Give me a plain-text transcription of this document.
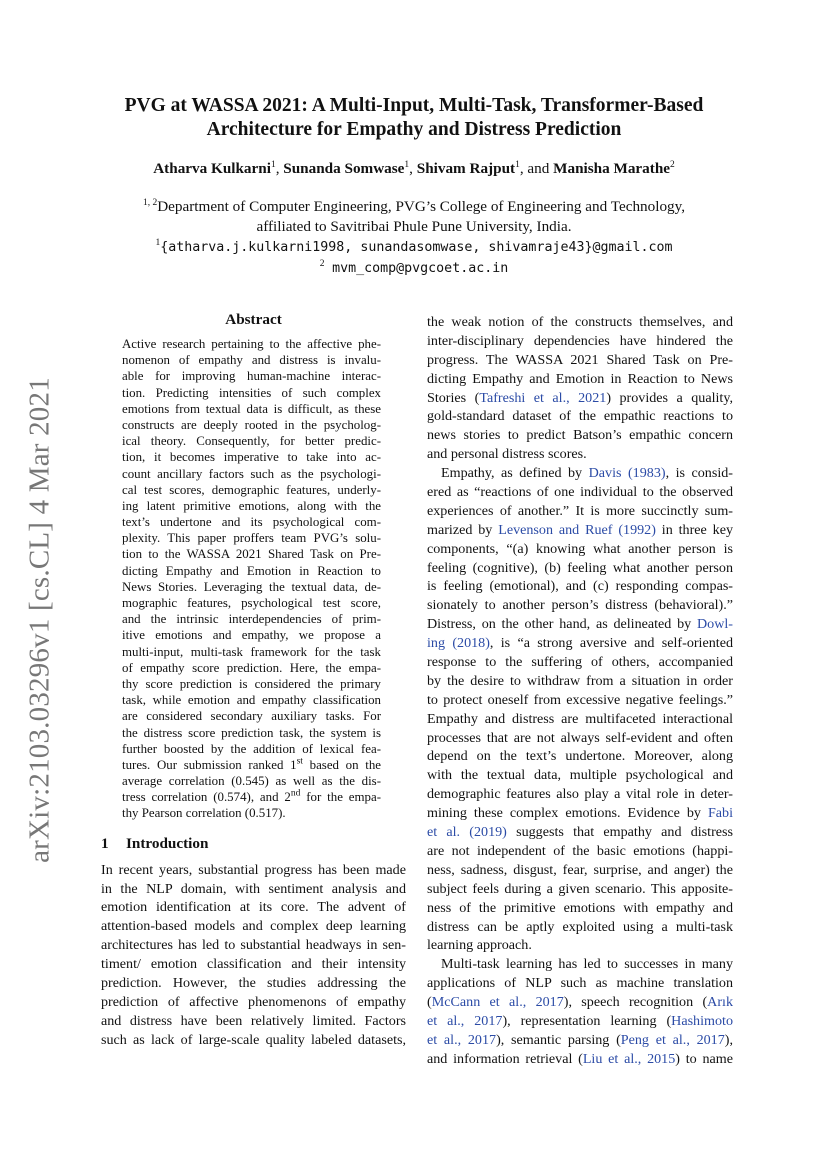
arXiv:2103.03296v1 [cs.CL] 4 Mar 2021
PVG at WASSA 2021: A Multi-Input, Multi-Task, Transformer-Based
Architecture for Empathy and Distress Prediction
Atharva Kulkarni$^1$, Sunanda Somwase$^1$, Shivam Rajput$^1$, and Manisha Marathe$^2$
$^{1, 2}$Department of Computer Engineering, PVG’s College of Engineering and Technology,
affiliated to Savitribai Phule Pune University, India.
$^1${atharva.j.kulkarni1998, sunandasomwase, shivamraje43}@gmail.com
$^2$ mvm_comp@pvgcoet.ac.in
Abstract
Active research pertaining to the affective phe-
nomenon of empathy and distress is invalu-
able for improving human-machine interac-
tion. Predicting intensities of such complex
emotions from textual data is difficult, as these
constructs are deeply rooted in the psycholog-
ical theory. Consequently, for better predic-
tion, it becomes imperative to take into ac-
count ancillary factors such as the psychologi-
cal test scores, demographic features, underly-
ing latent primitive emotions, along with the
text’s undertone and its psychological com-
plexity. This paper proffers team PVG’s solu-
tion to the WASSA 2021 Shared Task on Pre-
dicting Empathy and Emotion in Reaction to
News Stories. Leveraging the textual data, de-
mographic features, psychological test score,
and the intrinsic interdependencies of prim-
itive emotions and empathy, we propose a
multi-input, multi-task framework for the task
of empathy score prediction. Here, the empa-
thy score prediction is considered the primary
task, while emotion and empathy classification
are considered secondary auxiliary tasks. For
the distress score prediction task, the system is
further boosted by the addition of lexical fea-
tures. Our submission ranked 1st based on the
average correlation (0.545) as well as the dis-
tress correlation (0.574), and 2nd for the empa-
thy Pearson correlation (0.517).
1 Introduction
In recent years, substantial progress has been made
in the NLP domain, with sentiment analysis and
emotion identification at its core. The advent of
attention-based models and complex deep learning
architectures has led to substantial headways in sen-
timent/ emotion classification and their intensity
prediction. However, the studies addressing the
prediction of affective phenomenons of empathy
and distress have been relatively limited. Factors
such as lack of large-scale quality labeled datasets,
the weak notion of the constructs themselves, and
inter-disciplinary dependencies have hindered the
progress. The WASSA 2021 Shared Task on Pre-
dicting Empathy and Emotion in Reaction to News
Stories (Tafreshi et al., 2021) provides a quality,
gold-standard dataset of the empathic reactions to
news stories to predict Batson’s empathic concern
and personal distress scores.
Empathy, as defined by Davis (1983), is consid-
ered as “reactions of one individual to the observed
experiences of another.” It is more succinctly sum-
marized by Levenson and Ruef (1992) in three key
components, “(a) knowing what another person is
feeling (cognitive), (b) feeling what another person
is feeling (emotional), and (c) responding compas-
sionately to another person’s distress (behavioral).”
Distress, on the other hand, as delineated by Dowl-
ing (2018), is “a strong aversive and self-oriented
response to the suffering of others, accompanied
by the desire to withdraw from a situation in order
to protect oneself from excessive negative feelings.”
Empathy and distress are multifaceted interactional
processes that are not always self-evident and often
depend on the text’s undertone. Moreover, along
with the textual data, multiple psychological and
demographic features also play a vital role in deter-
mining these complex emotions. Evidence by Fabi
et al. (2019) suggests that empathy and distress
are not independent of the basic emotions (happi-
ness, sadness, disgust, fear, surprise, and anger) the
subject feels during a given scenario. This apposite-
ness of the primitive emotions with empathy and
distress can be aptly exploited using a multi-task
learning approach.
Multi-task learning has led to successes in many
applications of NLP such as machine translation
(McCann et al., 2017), speech recognition (Arık
et al., 2017), representation learning (Hashimoto
et al., 2017), semantic parsing (Peng et al., 2017),
and information retrieval (Liu et al., 2015) to name
